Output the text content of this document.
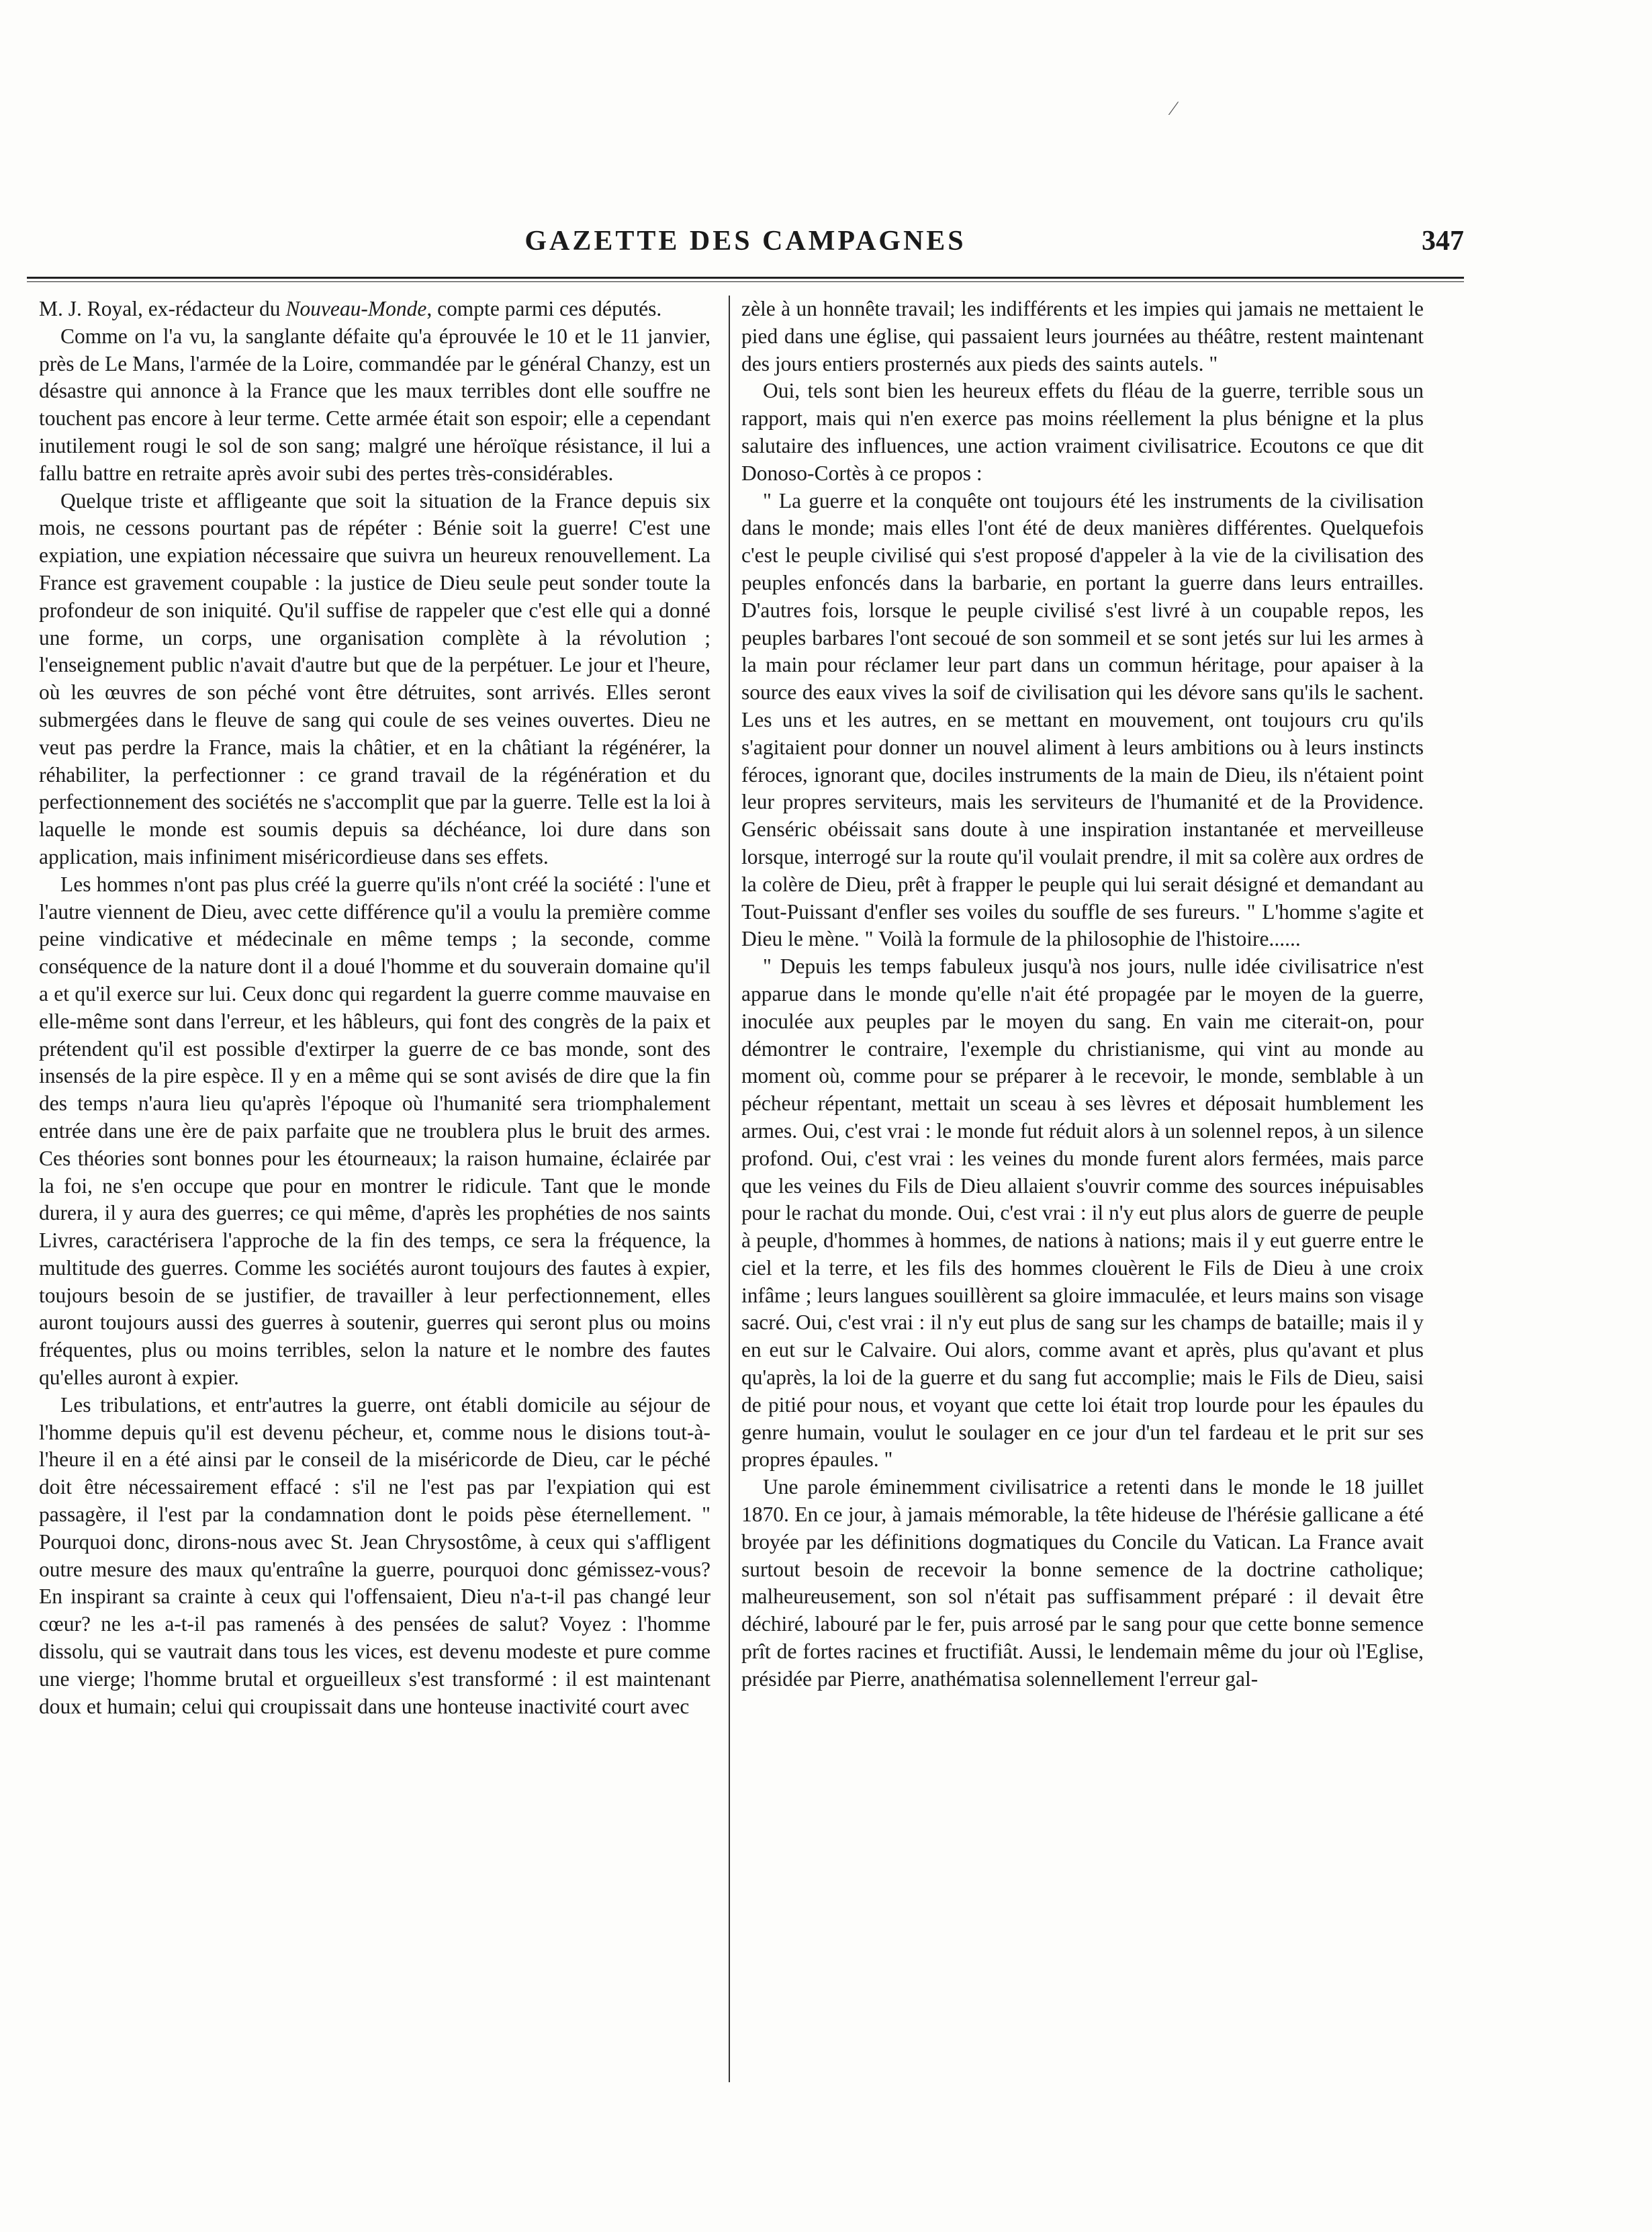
⁄
GAZETTE DES CAMPAGNES	347

M. J. Royal, ex-rédacteur du Nouveau-Monde, compte parmi ces députés.

Comme on l'a vu, la sanglante défaite qu'a éprouvée le 10 et le 11 janvier, près de Le Mans, l'armée de la Loire, commandée par le général Chanzy, est un désastre qui annonce à la France que les maux terribles dont elle souffre ne touchent pas encore à leur terme. Cette armée était son espoir; elle a cependant inutilement rougi le sol de son sang; malgré une héroïque résistance, il lui a fallu battre en retraite après avoir subi des pertes très-considérables.

Quelque triste et affligeante que soit la situation de la France depuis six mois, ne cessons pourtant pas de répéter : Bénie soit la guerre! C'est une expiation, une expiation nécessaire que suivra un heureux renouvellement. La France est gravement coupable : la justice de Dieu seule peut sonder toute la profondeur de son iniquité. Qu'il suffise de rappeler que c'est elle qui a donné une forme, un corps, une organisation complète à la révolution ; l'enseignement public n'avait d'autre but que de la perpétuer. Le jour et l'heure, où les œuvres de son péché vont être détruites, sont arrivés. Elles seront submergées dans le fleuve de sang qui coule de ses veines ouvertes. Dieu ne veut pas perdre la France, mais la châtier, et en la châtiant la régénérer, la réhabiliter, la perfectionner : ce grand travail de la régénération et du perfectionnement des sociétés ne s'accomplit que par la guerre. Telle est la loi à laquelle le monde est soumis depuis sa déchéance, loi dure dans son application, mais infiniment miséricordieuse dans ses effets.

Les hommes n'ont pas plus créé la guerre qu'ils n'ont créé la société : l'une et l'autre viennent de Dieu, avec cette différence qu'il a voulu la première comme peine vindicative et médecinale en même temps ; la seconde, comme conséquence de la nature dont il a doué l'homme et du souverain domaine qu'il a et qu'il exerce sur lui. Ceux donc qui regardent la guerre comme mauvaise en elle-même sont dans l'erreur, et les hâbleurs, qui font des congrès de la paix et prétendent qu'il est possible d'extirper la guerre de ce bas monde, sont des insensés de la pire espèce. Il y en a même qui se sont avisés de dire que la fin des temps n'aura lieu qu'après l'époque où l'humanité sera triomphalement entrée dans une ère de paix parfaite que ne troublera plus le bruit des armes. Ces théories sont bonnes pour les étourneaux; la raison humaine, éclairée par la foi, ne s'en occupe que pour en montrer le ridicule. Tant que le monde durera, il y aura des guerres; ce qui même, d'après les prophéties de nos saints Livres, caractérisera l'approche de la fin des temps, ce sera la fréquence, la multitude des guerres. Comme les sociétés auront toujours des fautes à expier, toujours besoin de se justifier, de travailler à leur perfectionnement, elles auront toujours aussi des guerres à soutenir, guerres qui seront plus ou moins fréquentes, plus ou moins terribles, selon la nature et le nombre des fautes qu'elles auront à expier.

Les tribulations, et entr'autres la guerre, ont établi domicile au séjour de l'homme depuis qu'il est devenu pécheur, et, comme nous le disions tout-à-l'heure il en a été ainsi par le conseil de la miséricorde de Dieu, car le péché doit être nécessairement effacé : s'il ne l'est pas par l'expiation qui est passagère, il l'est par la condamnation dont le poids pèse éternellement. " Pourquoi donc, dirons-nous avec St. Jean Chrysostôme, à ceux qui s'affligent outre mesure des maux qu'entraîne la guerre, pourquoi donc gémissez-vous? En inspirant sa crainte à ceux qui l'offensaient, Dieu n'a-t-il pas changé leur cœur? ne les a-t-il pas ramenés à des pensées de salut? Voyez : l'homme dissolu, qui se vautrait dans tous les vices, est devenu modeste et pure comme une vierge; l'homme brutal et orgueilleux s'est transformé : il est maintenant doux et humain; celui qui croupissait dans une honteuse inactivité court avec

zèle à un honnête travail; les indifférents et les impies qui jamais ne mettaient le pied dans une église, qui passaient leurs journées au théâtre, restent maintenant des jours entiers prosternés aux pieds des saints autels. "

Oui, tels sont bien les heureux effets du fléau de la guerre, terrible sous un rapport, mais qui n'en exerce pas moins réellement la plus bénigne et la plus salutaire des influences, une action vraiment civilisatrice. Ecoutons ce que dit Donoso-Cortès à ce propos :

" La guerre et la conquête ont toujours été les instruments de la civilisation dans le monde; mais elles l'ont été de deux manières différentes. Quelquefois c'est le peuple civilisé qui s'est proposé d'appeler à la vie de la civilisation des peuples enfoncés dans la barbarie, en portant la guerre dans leurs entrailles. D'autres fois, lorsque le peuple civilisé s'est livré à un coupable repos, les peuples barbares l'ont secoué de son sommeil et se sont jetés sur lui les armes à la main pour réclamer leur part dans un commun héritage, pour apaiser à la source des eaux vives la soif de civilisation qui les dévore sans qu'ils le sachent. Les uns et les autres, en se mettant en mouvement, ont toujours cru qu'ils s'agitaient pour donner un nouvel aliment à leurs ambitions ou à leurs instincts féroces, ignorant que, dociles instruments de la main de Dieu, ils n'étaient point leur propres serviteurs, mais les serviteurs de l'humanité et de la Providence. Genséric obéissait sans doute à une inspiration instantanée et merveilleuse lorsque, interrogé sur la route qu'il voulait prendre, il mit sa colère aux ordres de la colère de Dieu, prêt à frapper le peuple qui lui serait désigné et demandant au Tout-Puissant d'enfler ses voiles du souffle de ses fureurs. " L'homme s'agite et Dieu le mène. " Voilà la formule de la philosophie de l'histoire......

" Depuis les temps fabuleux jusqu'à nos jours, nulle idée civilisatrice n'est apparue dans le monde qu'elle n'ait été propagée par le moyen de la guerre, inoculée aux peuples par le moyen du sang. En vain me citerait-on, pour démontrer le contraire, l'exemple du christianisme, qui vint au monde au moment où, comme pour se préparer à le recevoir, le monde, semblable à un pécheur répentant, mettait un sceau à ses lèvres et déposait humblement les armes. Oui, c'est vrai : le monde fut réduit alors à un solennel repos, à un silence profond. Oui, c'est vrai : les veines du monde furent alors fermées, mais parce que les veines du Fils de Dieu allaient s'ouvrir comme des sources inépuisables pour le rachat du monde. Oui, c'est vrai : il n'y eut plus alors de guerre de peuple à peuple, d'hommes à hommes, de nations à nations; mais il y eut guerre entre le ciel et la terre, et les fils des hommes clouèrent le Fils de Dieu à une croix infâme ; leurs langues souillèrent sa gloire immaculée, et leurs mains son visage sacré. Oui, c'est vrai : il n'y eut plus de sang sur les champs de bataille; mais il y en eut sur le Calvaire. Oui alors, comme avant et après, plus qu'avant et plus qu'après, la loi de la guerre et du sang fut accomplie; mais le Fils de Dieu, saisi de pitié pour nous, et voyant que cette loi était trop lourde pour les épaules du genre humain, voulut le soulager en ce jour d'un tel fardeau et le prit sur ses propres épaules. "

Une parole éminemment civilisatrice a retenti dans le monde le 18 juillet 1870. En ce jour, à jamais mémorable, la tête hideuse de l'hérésie gallicane a été broyée par les définitions dogmatiques du Concile du Vatican. La France avait surtout besoin de recevoir la bonne semence de la doctrine catholique; malheureusement, son sol n'était pas suffisamment préparé : il devait être déchiré, labouré par le fer, puis arrosé par le sang pour que cette bonne semence prît de fortes racines et fructifiât. Aussi, le lendemain même du jour où l'Eglise, présidée par Pierre, anathématisa solennellement l'erreur gal-
